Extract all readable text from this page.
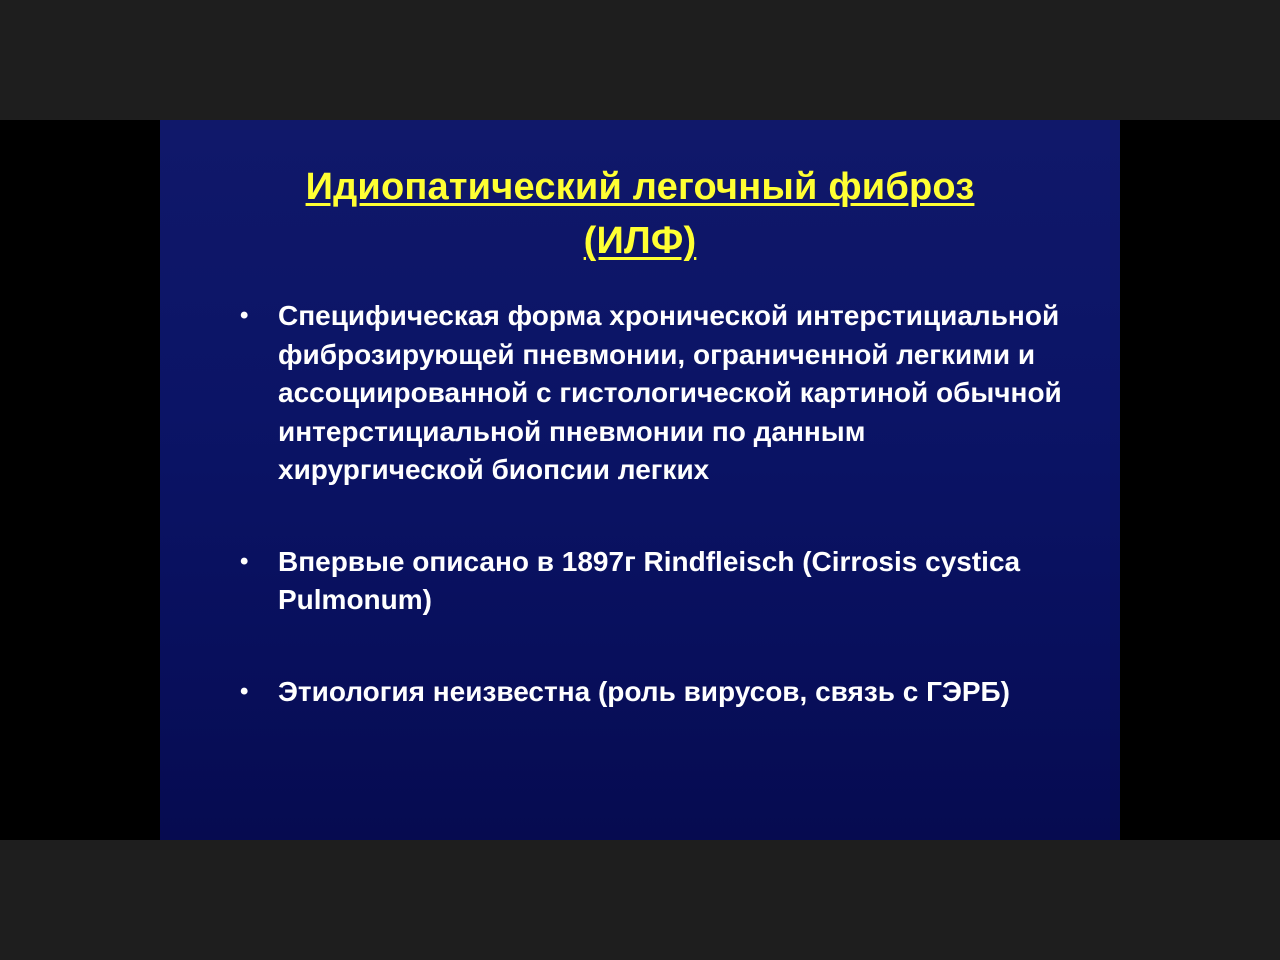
Идиопатический легочный фиброз
(ИЛФ)
• Специфическая форма хронической интерстициальной фиброзирующей пневмонии, ограниченной легкими и ассоциированной с гистологической картиной обычной интерстициальной пневмонии по данным хирургической биопсии легких
• Впервые описано в 1897г Rindfleisch (Cirrosis cystica Pulmonum)
• Этиология неизвестна (роль вирусов, связь с ГЭРБ)
